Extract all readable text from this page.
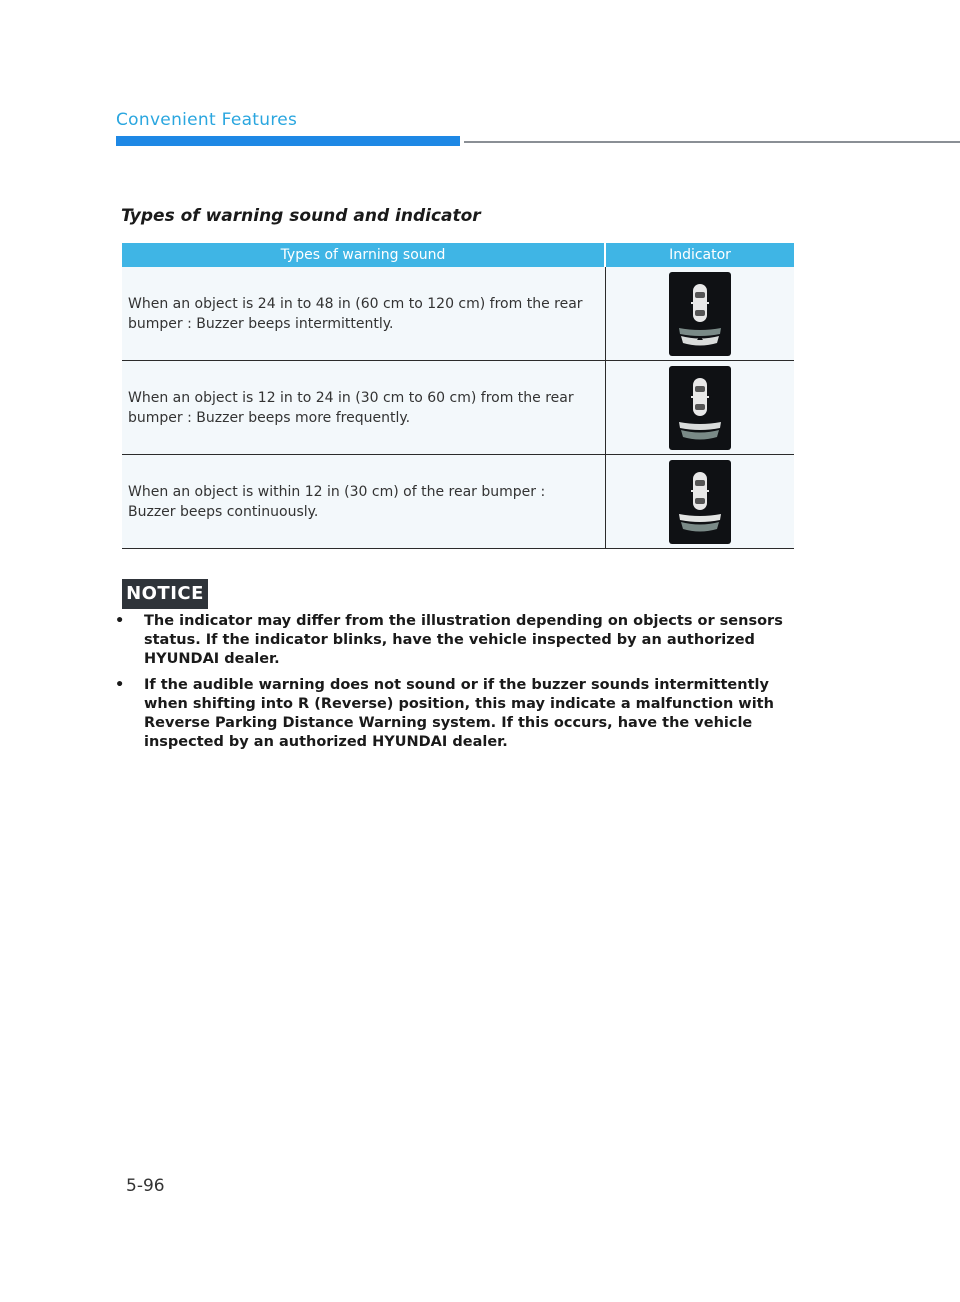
Convenient Features
Types of warning sound and indicator
Types of warning sound	Indicator
When an object is 24 in to 48 in (60 cm to 120 cm) from the rear bumper : Buzzer beeps intermittently.	

When an object is 12 in to 24 in (30 cm to 60 cm) from the rear bumper : Buzzer beeps more frequently.	

When an object is within 12 in (30 cm) of the rear bumper : Buzzer beeps continuously.	
NOTICE
• The indicator may differ from the illustration depending on objects or sensors status. If the indicator blinks, have the vehicle inspected by an authorized HYUNDAI dealer.
• If the audible warning does not sound or if the buzzer sounds intermittently when shifting into R (Reverse) position, this may indicate a malfunction with Reverse Parking Distance Warning system. If this occurs, have the vehicle inspected by an authorized HYUNDAI dealer.
5-96
